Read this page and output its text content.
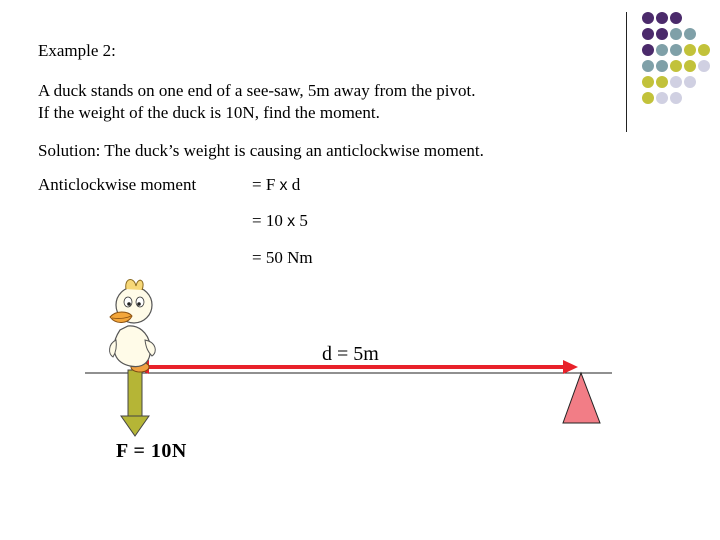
Example 2:
A duck stands on one end of a see-saw, 5m away from the pivot.
If the weight of the duck is 10N, find the moment.
Solution: The duck’s weight is causing an anticlockwise moment.
Anticlockwise moment	= F x d
= 10 x 5
= 50 Nm
d = 5m
F = 10N
